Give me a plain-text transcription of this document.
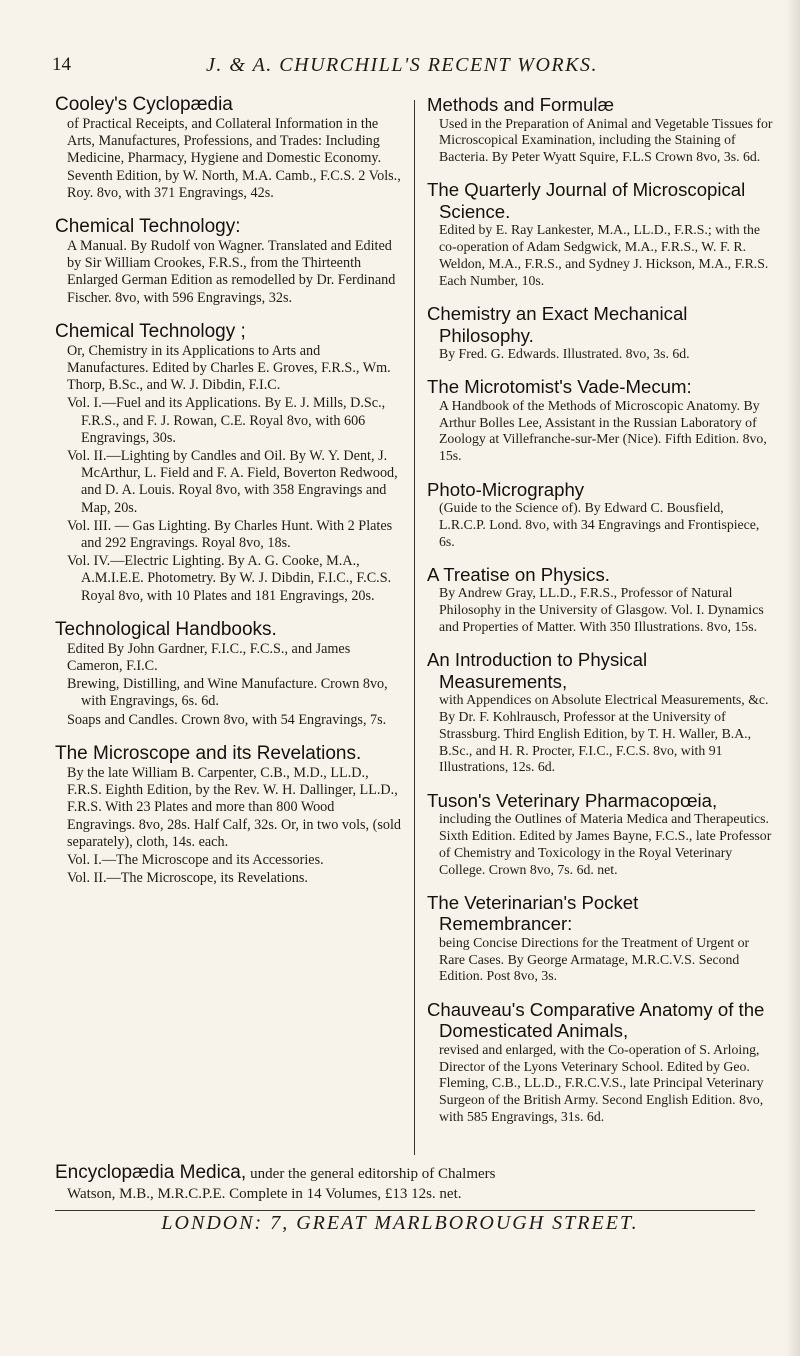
14	J. & A. CHURCHILL'S RECENT WORKS.

Cooley's Cyclopædia

of Practical Receipts, and Collateral Information in the Arts, Manufactures, Professions, and Trades: Including Medicine, Pharmacy, Hygiene and Domestic Economy. Seventh Edition, by W. North, M.A. Camb., F.C.S. 2 Vols., Roy. 8vo, with 371 Engravings, 42s.

Chemical Technology:

A Manual. By Rudolf von Wagner. Translated and Edited by Sir William Crookes, F.R.S., from the Thirteenth Enlarged German Edition as remodelled by Dr. Ferdinand Fischer. 8vo, with 596 Engravings, 32s.

Chemical Technology ;

Or, Chemistry in its Applications to Arts and Manufactures. Edited by Charles E. Groves, F.R.S., Wm. Thorp, B.Sc., and W. J. Dibdin, F.I.C.

Vol. I.—Fuel and its Applications. By E. J. Mills, D.Sc., F.R.S., and F. J. Rowan, C.E. Royal 8vo, with 606 Engravings, 30s.

Vol. II.—Lighting by Candles and Oil. By W. Y. Dent, J. McArthur, L. Field and F. A. Field, Boverton Redwood, and D. A. Louis. Royal 8vo, with 358 Engravings and Map, 20s.

Vol. III. — Gas Lighting. By Charles Hunt. With 2 Plates and 292 Engravings. Royal 8vo, 18s.

Vol. IV.—Electric Lighting. By A. G. Cooke, M.A., A.M.I.E.E. Photometry. By W. J. Dibdin, F.I.C., F.C.S. Royal 8vo, with 10 Plates and 181 Engravings, 20s.

Technological Handbooks.

Edited By John Gardner, F.I.C., F.C.S., and James Cameron, F.I.C.

Brewing, Distilling, and Wine Manufacture. Crown 8vo, with Engravings, 6s. 6d.

Soaps and Candles. Crown 8vo, with 54 Engravings, 7s.

The Microscope and its Revelations.

By the late William B. Carpenter, C.B., M.D., LL.D., F.R.S. Eighth Edition, by the Rev. W. H. Dallinger, LL.D., F.R.S. With 23 Plates and more than 800 Wood Engravings. 8vo, 28s. Half Calf, 32s. Or, in two vols, (sold separately), cloth, 14s. each.

Vol. I.—The Microscope and its Accessories.

Vol. II.—The Microscope, its Revelations.

Methods and Formulæ

Used in the Preparation of Animal and Vegetable Tissues for Microscopical Examination, including the Staining of Bacteria. By Peter Wyatt Squire, F.L.S Crown 8vo, 3s. 6d.

The Quarterly Journal of Microscopical Science.

Edited by E. Ray Lankester, M.A., LL.D., F.R.S.; with the co-operation of Adam Sedgwick, M.A., F.R.S., W. F. R. Weldon, M.A., F.R.S., and Sydney J. Hickson, M.A., F.R.S. Each Number, 10s.

Chemistry an Exact Mechanical Philosophy.

By Fred. G. Edwards. Illustrated. 8vo, 3s. 6d.

The Microtomist's Vade-Mecum:

A Handbook of the Methods of Microscopic Anatomy. By Arthur Bolles Lee, Assistant in the Russian Laboratory of Zoology at Villefranche-sur-Mer (Nice). Fifth Edition. 8vo, 15s.

Photo-Micrography

(Guide to the Science of). By Edward C. Bousfield, L.R.C.P. Lond. 8vo, with 34 Engravings and Frontispiece, 6s.

A Treatise on Physics.

By Andrew Gray, LL.D., F.R.S., Professor of Natural Philosophy in the University of Glasgow. Vol. I. Dynamics and Properties of Matter. With 350 Illustrations. 8vo, 15s.

An Introduction to Physical Measurements,

with Appendices on Absolute Electrical Measurements, &c. By Dr. F. Kohlrausch, Professor at the University of Strassburg. Third English Edition, by T. H. Waller, B.A., B.Sc., and H. R. Procter, F.I.C., F.C.S. 8vo, with 91 Illustrations, 12s. 6d.

Tuson's Veterinary Pharmacopœia,

including the Outlines of Materia Medica and Therapeutics. Sixth Edition. Edited by James Bayne, F.C.S., late Professor of Chemistry and Toxicology in the Royal Veterinary College. Crown 8vo, 7s. 6d. net.

The Veterinarian's Pocket Remembrancer:

being Concise Directions for the Treatment of Urgent or Rare Cases. By George Armatage, M.R.C.V.S. Second Edition. Post 8vo, 3s.

Chauveau's Comparative Anatomy of the Domesticated Animals,

revised and enlarged, with the Co-operation of S. Arloing, Director of the Lyons Veterinary School. Edited by Geo. Fleming, C.B., LL.D., F.R.C.V.S., late Principal Veterinary Surgeon of the British Army. Second English Edition. 8vo, with 585 Engravings, 31s. 6d.

Encyclopædia Medica,

under the general editorship of Chalmers

Watson, M.B., M.R.C.P.E. Complete in 14 Volumes, £13 12s. net.
LONDON: 7, GREAT MARLBOROUGH STREET.
